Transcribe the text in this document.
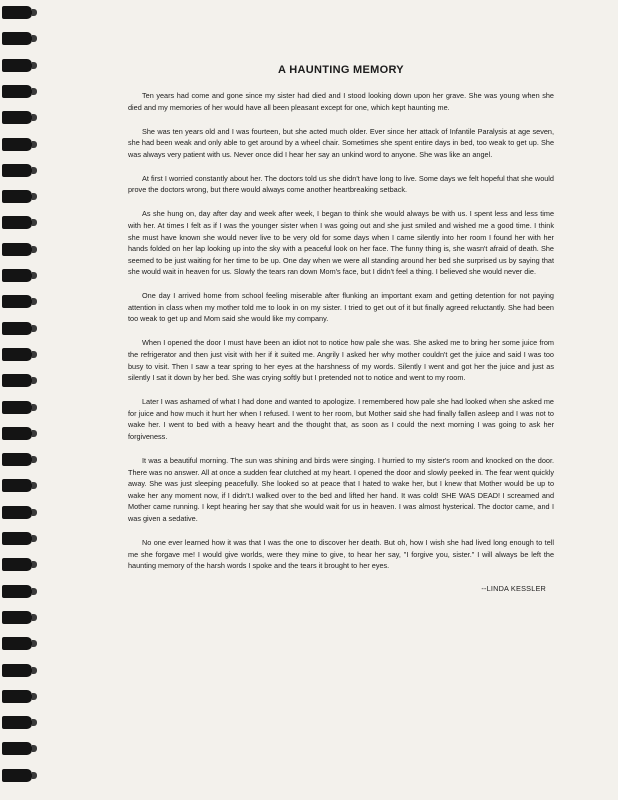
A HAUNTING MEMORY

Ten years had come and gone since my sister had died and I stood looking down upon her grave. She was young when she died and my memories of her would have all been pleasant except for one, which kept haunting me.

She was ten years old and I was fourteen, but she acted much older. Ever since her attack of Infantile Paralysis at age seven, she had been weak and only able to get around by a wheel chair. Sometimes she spent entire days in bed, too weak to get up. She was always very patient with us. Never once did I hear her say an unkind word to anyone. She was like an angel.

At first I worried constantly about her. The doctors told us she didn't have long to live. Some days we felt hopeful that she would prove the doctors wrong, but there would always come another heartbreaking setback.

As she hung on, day after day and week after week, I began to think she would always be with us. I spent less and less time with her. At times I felt as if I was the younger sister when I was going out and she just smiled and wished me a good time. I think she must have known she would never live to be very old for some days when I came silently into her room I found her with her hands folded on her lap looking up into the sky with a peaceful look on her face. The funny thing is, she wasn't afraid of death. She seemed to be just waiting for her time to be up. One day when we were all standing around her bed she surprised us by saying that she would wait in heaven for us. Slowly the tears ran down Mom's face, but I didn't feel a thing. I believed she would never die.

One day I arrived home from school feeling miserable after flunking an important exam and getting detention for not paying attention in class when my mother told me to look in on my sister. I tried to get out of it but finally agreed reluctantly. She had been too weak to get up and Mom said she would like my company.

When I opened the door I must have been an idiot not to notice how pale she was. She asked me to bring her some juice from the refrigerator and then just visit with her if it suited me. Angrily I asked her why mother couldn't get the juice and said I was too busy to visit. Then I saw a tear spring to her eyes at the harshness of my words. Silently I went and got her the juice and just as silently I sat it down by her bed. She was crying softly but I pretended not to notice and went to my room.

Later I was ashamed of what I had done and wanted to apologize. I remembered how pale she had looked when she asked me for juice and how much it hurt her when I refused. I went to her room, but Mother said she had finally fallen asleep and I was not to wake her. I went to bed with a heavy heart and the thought that, as soon as I could the next morning I was going to ask her forgiveness.

It was a beautiful morning. The sun was shining and birds were singing. I hurried to my sister's room and knocked on the door. There was no answer. All at once a sudden fear clutched at my heart. I opened the door and slowly peeked in. The fear went quickly away. She was just sleeping peacefully. She looked so at peace that I hated to wake her, but I knew that Mother would be up to wake her any moment now, if I didn't.I walked over to the bed and lifted her hand. It was cold! SHE WAS DEAD! I screamed and Mother came running. I kept hearing her say that she would wait for us in heaven. I was almost hysterical. The doctor came, and I was given a sedative.

No one ever learned how it was that I was the one to discover her death. But oh, how I wish she had lived long enough to tell me she forgave me! I would give worlds, were they mine to give, to hear her say, "I forgive you, sister." I will always be left the haunting memory of the harsh words I spoke and the tears it brought to her eyes.

--LINDA KESSLER
